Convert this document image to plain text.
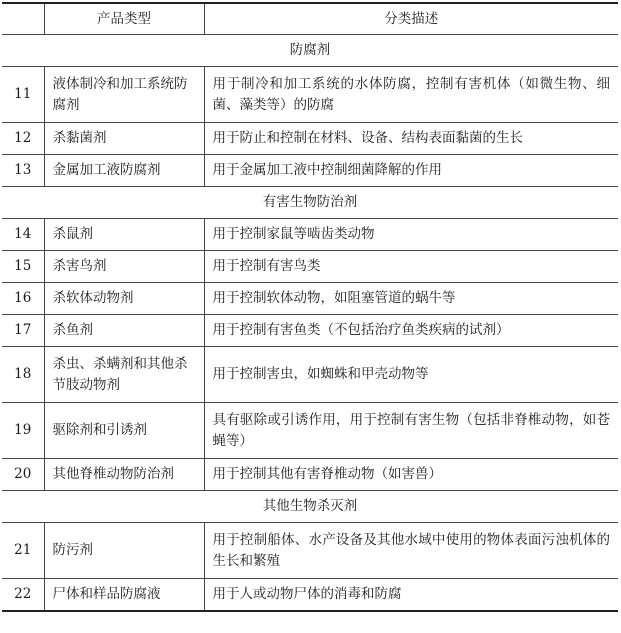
	产品类型	分类描述
防腐剂		
11	液体制冷和加工系统防腐剂	用于制冷和加工系统的水体防腐，控制有害机体（如微生物、细菌、藻类等）的防腐
12	杀黏菌剂	用于防止和控制在材料、设备、结构表面黏菌的生长
13	金属加工液防腐剂	用于金属加工液中控制细菌降解的作用
有害生物防治剂		
14	杀鼠剂	用于控制家鼠等啮齿类动物
15	杀害鸟剂	用于控制有害鸟类
16	杀软体动物剂	用于控制软体动物，如阻塞管道的蜗牛等
17	杀鱼剂	用于控制有害鱼类（不包括治疗鱼类疾病的试剂）
18	杀虫、杀螨剂和其他杀节肢动物剂	用于控制害虫，如蜘蛛和甲壳动物等
19	驱除剂和引诱剂	具有驱除或引诱作用，用于控制有害生物（包括非脊椎动物，如苍蝇等）
20	其他脊椎动物防治剂	用于控制其他有害脊椎动物（如害兽）
其他生物杀灭剂		
21	防污剂	用于控制船体、水产设备及其他水域中使用的物体表面污浊机体的生长和繁殖
22	尸体和样品防腐液	用于人或动物尸体的消毒和防腐
